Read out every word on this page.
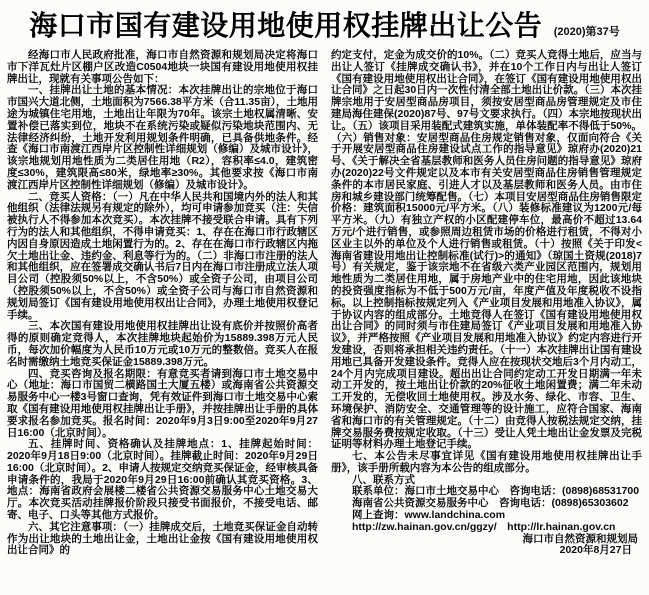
海口市国有建设用地使用权挂牌出让公告 (2020)第37号

经海口市人民政府批准，海口市自然资源和规划局决定将海口市下洋瓦灶片区棚户区改造C0504地块一块国有建设用地使用权挂牌出让，现就有关事项公告如下：

一、挂牌出让土地的基本情况：本次挂牌出让的宗地位于海口市国兴大道北侧，土地面积为7566.38平方米（合11.35亩），土地用途为城镇住宅用地，土地出让年限为70年。该宗土地权属清晰、安置补偿已落实到位，地块不在系统污染或疑似污染地块范围内、无法律经济纠纷，土地开发利用规划条件明确，已具备供地条件。经查《海口市南渡江西岸片区控制性详细规划（修编）及城市设计》，该宗地规划用地性质为二类居住用地（R2），容积率≤4.0，建筑密度≤30%，建筑限高≤80米，绿地率≥30%。其他要求按《海口市南渡江西岸片区控制性详细规划（修编）及城市设计》。

二、竞买人资格：（一）凡在中华人民共和国境内外的法人和其他组织（法律法规另有规定的除外），均可申请参加竞买（注：失信被执行人不得参加本次竞买）。本次挂牌不接受联合申请。具有下列行为的法人和其他组织，不得申请竞买：1、存在在海口市行政辖区内因自身原因造成土地闲置行为的。2、存在在海口市行政辖区内拖欠土地出让金、违约金、利息等行为的。（二）非海口市注册的法人和其他组织，应在签署成交确认书后7日内在海口市注册成立法人项目公司（控股须50%以上，不含50%）或全资子公司，由项目公司（控股须50%以上，不含50%）或全资子公司与海口市自然资源和规划局签订《国有建设用地使用权出让合同》，办理土地使用权登记手续。

三、本次国有建设用地使用权挂牌出让设有底价并按照价高者得的原则确定竞得人，本次挂牌地块起始价为15889.398万元人民币，每次加价幅度为人民币10万元或10万元的整数倍。竞买人在报名时需缴纳土地竞买保证金15889.398万元。

四、竞买咨询及报名期限：有意竞买者请到海口市土地交易中心（地址：海口市国贸二横路国土大厦五楼）或海南省公共资源交易服务中心一楼3号窗口查询，凭有效证件到海口市土地交易中心索取《国有建设用地使用权挂牌出让手册》，并按挂牌出让手册的具体要求报名参加竞买。报名时间：2020年9月3日9:00至2020年9月27日16:00（北京时间）。

五、挂牌时间、资格确认及挂牌地点：1、挂牌起始时间：2020年9月18日9:00（北京时间）。挂牌截止时间：2020年9月29日16:00（北京时间）。2、申请人按规定交纳竞买保证金，经审核具备申请条件的，我局于2020年9月29日16:00前确认其竞买资格。3、地点：海南省政府会展楼二楼省公共资源交易服务中心土地交易大厅。本次竞买活动挂牌报价阶段只接受书面报价，不接受电话、邮寄、电子、口头等其他方式报价。

六、其它注意事项：（一）挂牌成交后，土地竞买保证金自动转作为出让地块的土地出让金，土地出让金按《国有建设用地使用权出让合同》的

约定支付，定金为成交价的10%。（二）竞买人竞得土地后，应当与出让人签订《挂牌成交确认书》，并在10个工作日内与出让人签订《国有建设用地使用权出让合同》，在签订《国有建设用地使用权出让合同》之日起30日内一次性付清全部土地出让价款。（三）本次挂牌宗地用于安居型商品房项目，须按安居型商品房管理规定及市住建局海住建保(2020)87号、97号文要求执行。（四）本宗地按现状出让。（五）该项目采用装配式建筑实施，单体装配率不得低于50%。（六）销售对象：安居型商品住房规定销售对象，仅面向符合《关于开展安居型商品住房建设试点工作的指导意见》琼府办(2020)21号、《关于解决全省基层教师和医务人员住房问题的指导意见》琼府办(2020)22号文件规定以及本市有关安居型商品住房销售管理规定条件的本市居民家庭、引进人才以及基层教师和医务人员。由市住房和城乡建设部门统筹配售。（七）本项目安居型商品住房销售限定价格：建筑面积15000元/平方米。（八）装修标准建议为1200元/每平方米。（九）有独立产权的小区配建停车位，最高价不超过13.64万元/个进行销售，或参照周边租赁市场的价格进行租赁，不得对小区业主以外的单位及个人进行销售或租赁。（十）按照《关于印发<海南省建设用地出让控制标准(试行)>的通知》（琼国土资规(2018)7号）有关规定，鉴于该宗地不在省级六类产业园区范围内，规划用地性质为二类居住用地，属于房地产业中的住宅用地，因此该地块的投资强度指标为不低于500万元/亩，年度产值及年度税收不设指标。以上控制指标按规定列入《产业项目发展和用地准入协议》，属于协议内容的组成部分。土地竞得人在签订《国有建设用地使用权出让合同》的同时须与市住建局签订《产业项目发展和用地准入协议》，并严格按照《产业项目发展和用地准入协议》约定内容进行开发建设，否则将承担相关违约责任。（十一）本次挂牌出让国有建设用地已具备开发建设条件。竞得人应在按现状交地后3个月内动工，24个月内完成项目建设。超出出让合同约定动工开发日期满一年未动工开发的，按土地出让价款的20%征收土地闲置费；满二年未动工开发的，无偿收回土地使用权。涉及水务、绿化、市容、卫生、环境保护、消防安全、交通管理等的设计施工，应符合国家、海南省和海口市的有关管理规定。（十二）由竞得人按税法规定交纳，挂牌交易服务费按规定收取。（十三）受让人凭土地出让金发票及完税证明等材料办理土地登记手续。

七、本公告未尽事宜详见《国有建设用地使用权挂牌出让手册》，该手册所载内容为本公告的组成部分。

八、联系方式

联系单位：海口市土地交易中心　咨询电话：(0898)68531700

海南省公共资源交易服务中心　咨询电话：(0898)65303602

网上查询：www.landchina.com

http://zw.hainan.gov.cn/ggzy/　http://lr.hainan.gov.cn

海口市自然资源和规划局

2020年8月27日
